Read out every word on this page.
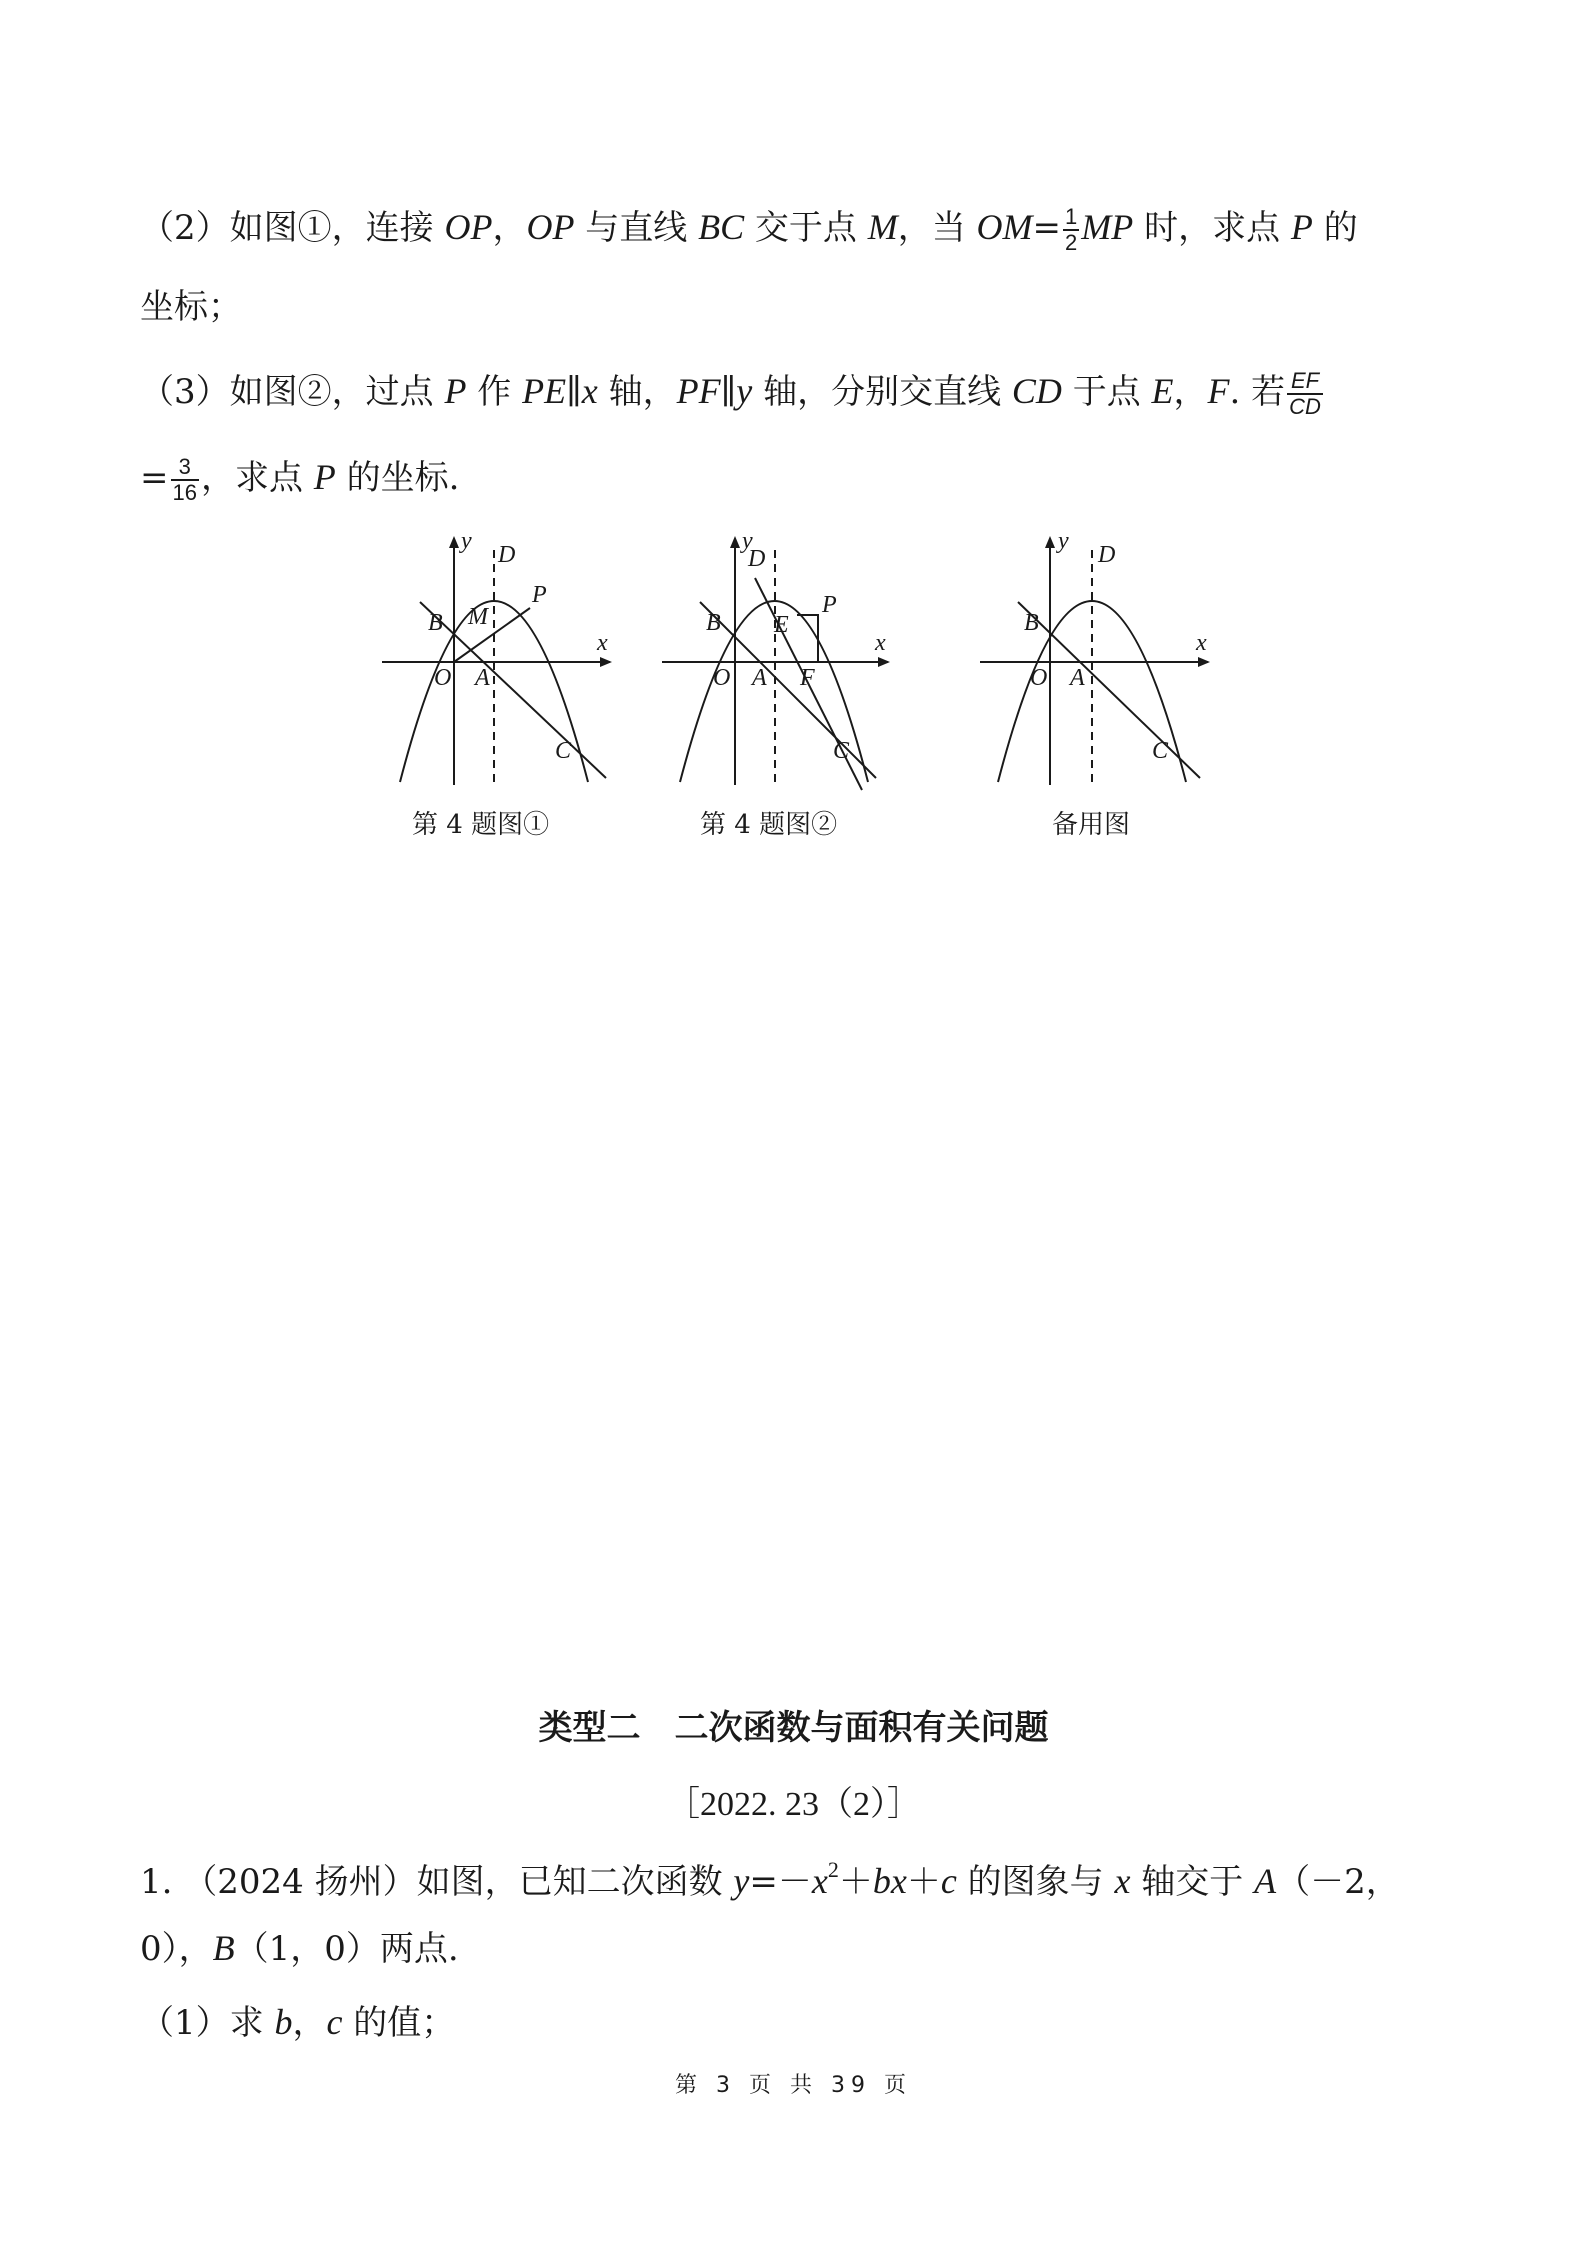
（2）如图①，连接 OP，OP 与直线 BC 交于点 M，当 $OM= \frac{1}{2}$ MP 时，求点 P 的
坐标；
（3）如图②，过点 P 作 PE∥x 轴，PF∥y 轴，分别交直线 CD 于点 E，F. 若 $\frac{EF}{CD}$
= $\frac{3}{16}$ ，求点 P 的坐标.
y
x
O A
B
C
D
M
P
第 4 题图①
y
x
O A
B
C
D
E
F
P
第 4 题图②
y
x
O A
B
C
D
备用图
类型二　二次函数与面积有关问题
［2022. 23（2）］
1. （2024 扬州）如图，已知二次函数 $y=-x^2+bx+c$ 的图象与 x 轴交于 A（－2，
0），B（1，0）两点.
（1）求 b，c 的值；
第 3 页 共 39 页
